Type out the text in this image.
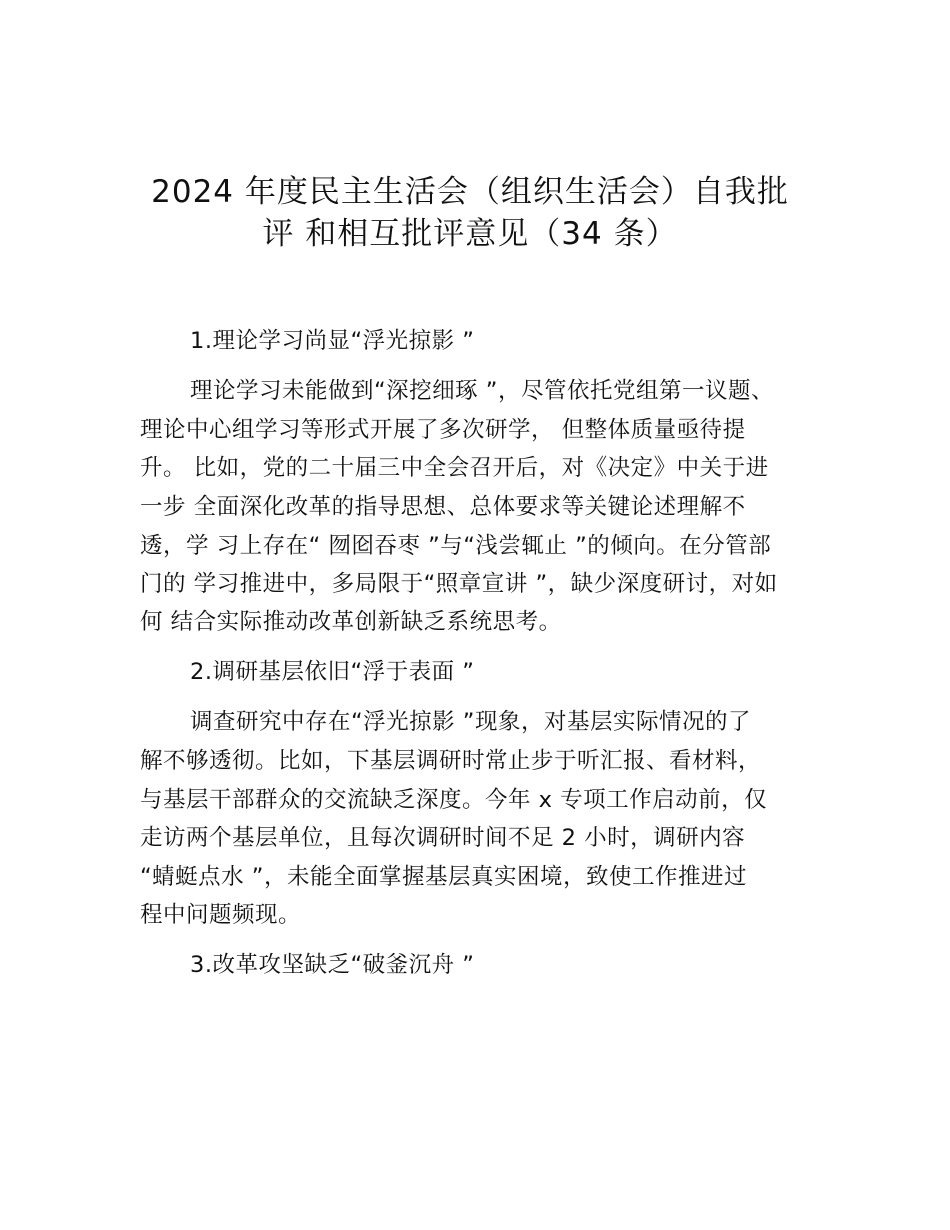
2024 年度民主生活会（组织生活会）自我批
评 和相互批评意见（34 条）
1.理论学习尚显“浮光掠影 ”
理论学习未能做到“深挖细琢 ”，尽管依托党组第一议题、
理论中心组学习等形式开展了多次研学， 但整体质量亟待提
升。 比如，党的二十届三中全会召开后，对《决定》中关于进
一步 全面深化改革的指导思想、总体要求等关键论述理解不
透，学 习上存在“ 囫囵吞枣 ”与“浅尝辄止 ”的倾向。在分管部
门的 学习推进中，多局限于“照章宣讲 ”，缺少深度研讨，对如
何 结合实际推动改革创新缺乏系统思考。
2.调研基层依旧“浮于表面 ”
调查研究中存在“浮光掠影 ”现象，对基层实际情况的了
解不够透彻。比如，下基层调研时常止步于听汇报、看材料，
与基层干部群众的交流缺乏深度。今年 x 专项工作启动前，仅
走访两个基层单位，且每次调研时间不足 2 小时，调研内容
“蜻蜓点水 ”，未能全面掌握基层真实困境，致使工作推进过
程中问题频现。
3.改革攻坚缺乏“破釜沉舟 ”
